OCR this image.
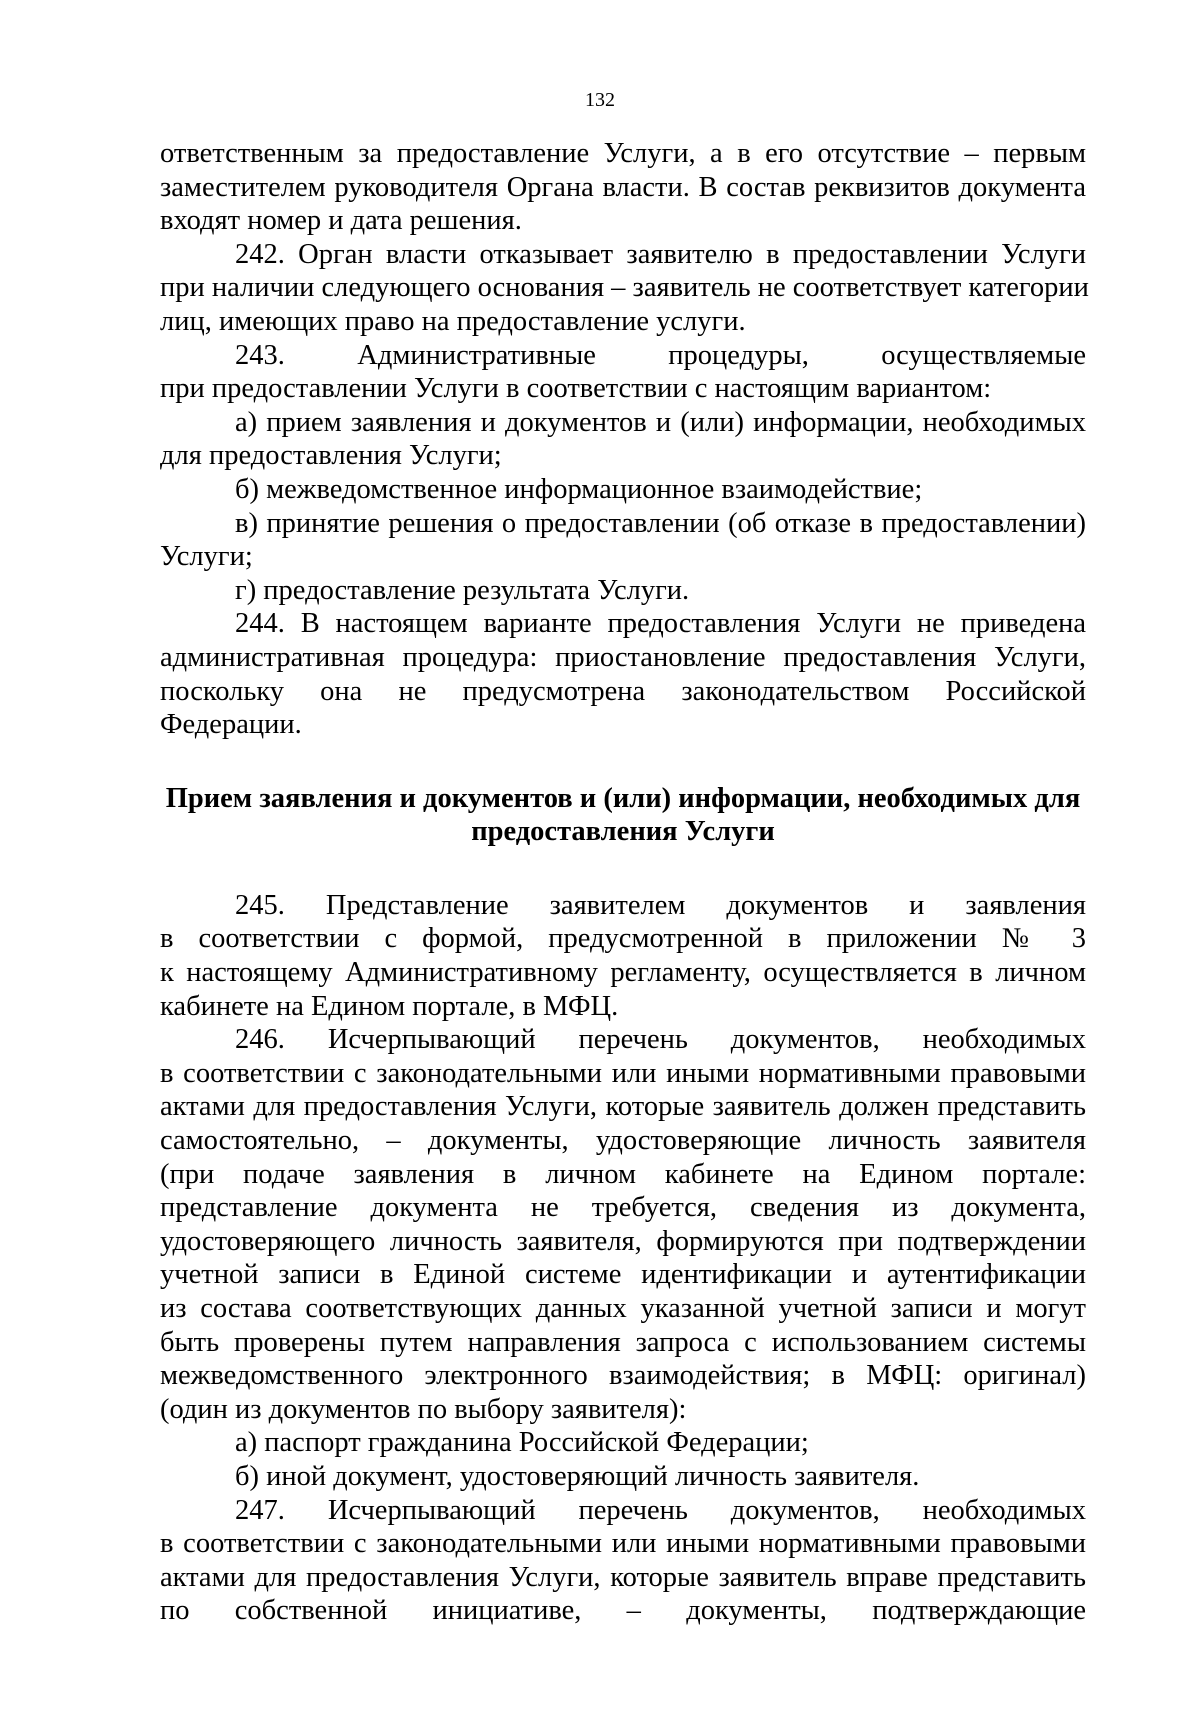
132
ответственным за предоставление Услуги, а в его отсутствие – первым
заместителем руководителя Органа власти. В состав реквизитов документа
входят номер и дата решения.
242. Орган власти отказывает заявителю в предоставлении Услуги
при наличии следующего основания – заявитель не соответствует категории
лиц, имеющих право на предоставление услуги.
243. Административные процедуры, осуществляемые
при предоставлении Услуги в соответствии с настоящим вариантом:
а) прием заявления и документов и (или) информации, необходимых
для предоставления Услуги;
б) межведомственное информационное взаимодействие;
в) принятие решения о предоставлении (об отказе в предоставлении)
Услуги;
г) предоставление результата Услуги.
244. В настоящем варианте предоставления Услуги не приведена
административная процедура: приостановление предоставления Услуги,
поскольку она не предусмотрена законодательством Российской
Федерации.
Прием заявления и документов и (или) информации, необходимых для
предоставления Услуги
245. Представление заявителем документов и заявления
в соответствии с формой, предусмотренной в приложении № 3
к настоящему Административному регламенту, осуществляется в личном
кабинете на Едином портале, в МФЦ.
246. Исчерпывающий перечень документов, необходимых
в соответствии с законодательными или иными нормативными правовыми
актами для предоставления Услуги, которые заявитель должен представить
самостоятельно, – документы, удостоверяющие личность заявителя
(при подаче заявления в личном кабинете на Едином портале:
представление документа не требуется, сведения из документа,
удостоверяющего личность заявителя, формируются при подтверждении
учетной записи в Единой системе идентификации и аутентификации
из состава соответствующих данных указанной учетной записи и могут
быть проверены путем направления запроса с использованием системы
межведомственного электронного взаимодействия; в МФЦ: оригинал)
(один из документов по выбору заявителя):
а) паспорт гражданина Российской Федерации;
б) иной документ, удостоверяющий личность заявителя.
247. Исчерпывающий перечень документов, необходимых
в соответствии с законодательными или иными нормативными правовыми
актами для предоставления Услуги, которые заявитель вправе представить
по собственной инициативе, – документы, подтверждающие
